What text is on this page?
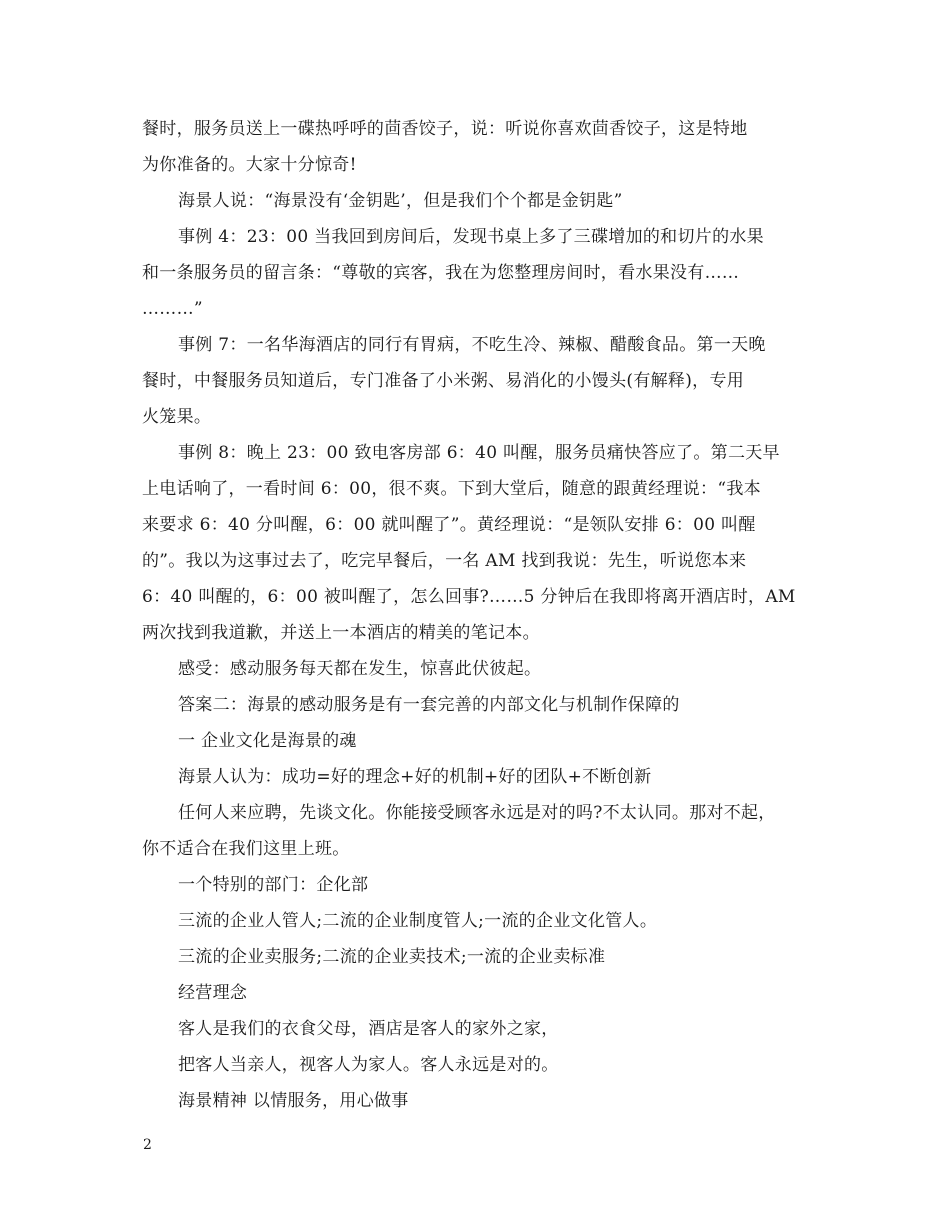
餐时，服务员送上一碟热呼呼的茴香饺子，说：听说你喜欢茴香饺子，这是特地
为你准备的。大家十分惊奇!
海景人说：“海景没有‘金钥匙’，但是我们个个都是金钥匙”
事例 4：23：00 当我回到房间后，发现书桌上多了三碟增加的和切片的水果
和一条服务员的留言条：“尊敬的宾客，我在为您整理房间时，看水果没有……
………”
事例 7：一名华海酒店的同行有胃病，不吃生冷、辣椒、醋酸食品。第一天晚
餐时，中餐服务员知道后，专门准备了小米粥、易消化的小馒头(有解释)，专用
火笼果。
事例 8：晚上 23：00 致电客房部 6：40 叫醒，服务员痛快答应了。第二天早
上电话响了，一看时间 6：00，很不爽。下到大堂后，随意的跟黄经理说：“我本
来要求 6：40 分叫醒，6：00 就叫醒了”。黄经理说：“是领队安排 6：00 叫醒
的”。我以为这事过去了，吃完早餐后，一名 AM 找到我说：先生，听说您本来
6：40 叫醒的，6：00 被叫醒了，怎么回事?……5 分钟后在我即将离开酒店时，AM
两次找到我道歉，并送上一本酒店的精美的笔记本。
感受：感动服务每天都在发生，惊喜此伏彼起。
答案二：海景的感动服务是有一套完善的内部文化与机制作保障的
一 企业文化是海景的魂
海景人认为：成功=好的理念+好的机制+好的团队+不断创新
任何人来应聘，先谈文化。你能接受顾客永远是对的吗?不太认同。那对不起，
你不适合在我们这里上班。
一个特别的部门：企化部
三流的企业人管人;二流的企业制度管人;一流的企业文化管人。
三流的企业卖服务;二流的企业卖技术;一流的企业卖标准
经营理念
客人是我们的衣食父母，酒店是客人的家外之家，
把客人当亲人，视客人为家人。客人永远是对的。
海景精神 以情服务，用心做事
2
